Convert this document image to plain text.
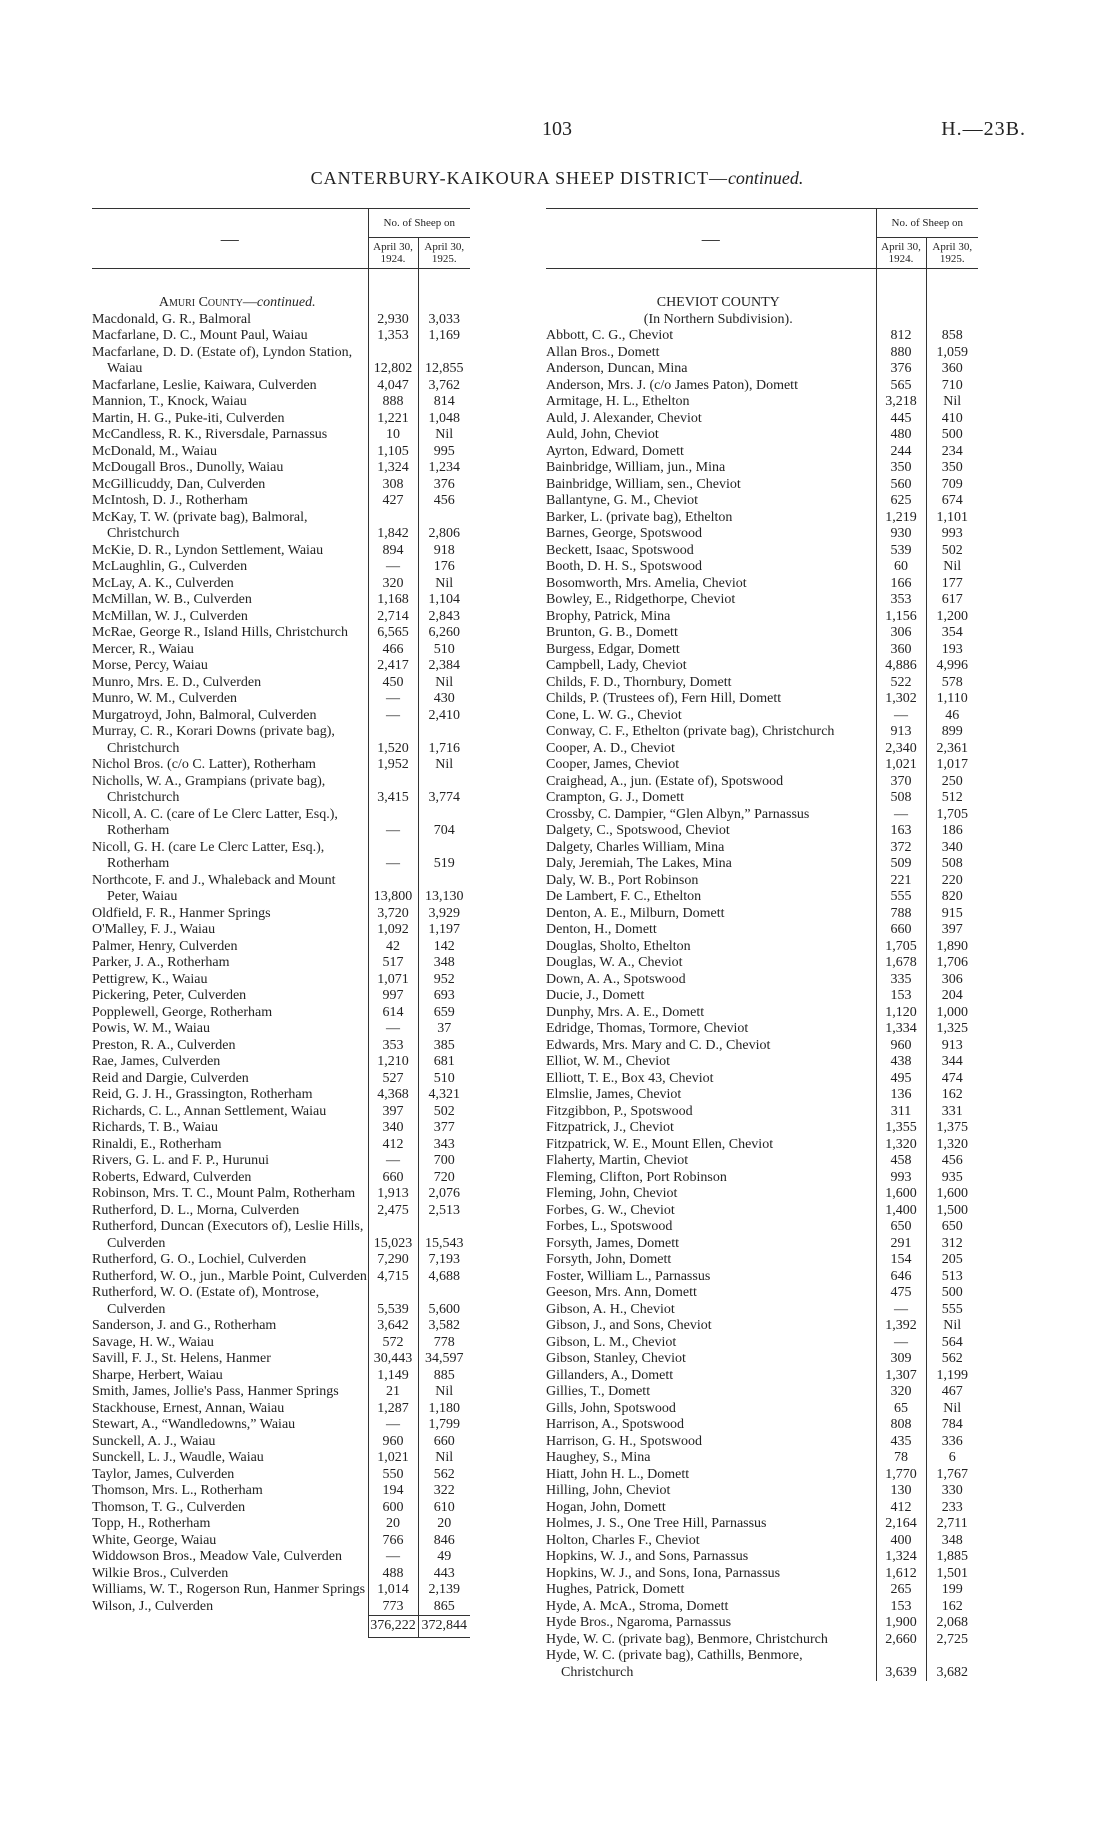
103	H.—23B.
CANTERBURY-KAIKOURA SHEEP DISTRICT—continued.
—	No. of Sheep on	
	April 30, 1924.	April 30, 1925.
Amuri County—continued.		
Macdonald, G. R., Balmoral	2,930	3,033
Macfarlane, D. C., Mount Paul, Waiau	1,353	1,169
Macfarlane, D. D. (Estate of), Lyndon Station, Waiau	12,802	12,855
Macfarlane, Leslie, Kaiwara, Culverden	4,047	3,762
Mannion, T., Knock, Waiau	888	814
Martin, H. G., Puke-iti, Culverden	1,221	1,048
McCandless, R. K., Riversdale, Parnassus	10	Nil
McDonald, M., Waiau	1,105	995
McDougall Bros., Dunolly, Waiau	1,324	1,234
McGillicuddy, Dan, Culverden	308	376
McIntosh, D. J., Rotherham	427	456
McKay, T. W. (private bag), Balmoral, Christchurch	1,842	2,806
McKie, D. R., Lyndon Settlement, Waiau	894	918
McLaughlin, G., Culverden	—	176
McLay, A. K., Culverden	320	Nil
McMillan, W. B., Culverden	1,168	1,104
McMillan, W. J., Culverden	2,714	2,843
McRae, George R., Island Hills, Christchurch	6,565	6,260
Mercer, R., Waiau	466	510
Morse, Percy, Waiau	2,417	2,384
Munro, Mrs. E. D., Culverden	450	Nil
Munro, W. M., Culverden	—	430
Murgatroyd, John, Balmoral, Culverden	—	2,410
Murray, C. R., Korari Downs (private bag), Christchurch	1,520	1,716
Nichol Bros. (c/o C. Latter), Rotherham	1,952	Nil
Nicholls, W. A., Grampians (private bag), Christchurch	3,415	3,774
Nicoll, A. C. (care of Le Clerc Latter, Esq.), Rotherham	—	704
Nicoll, G. H. (care Le Clerc Latter, Esq.), Rotherham	—	519
Northcote, F. and J., Whaleback and Mount Peter, Waiau	13,800	13,130
Oldfield, F. R., Hanmer Springs	3,720	3,929
O'Malley, F. J., Waiau	1,092	1,197
Palmer, Henry, Culverden	42	142
Parker, J. A., Rotherham	517	348
Pettigrew, K., Waiau	1,071	952
Pickering, Peter, Culverden	997	693
Popplewell, George, Rotherham	614	659
Powis, W. M., Waiau	—	37
Preston, R. A., Culverden	353	385
Rae, James, Culverden	1,210	681
Reid and Dargie, Culverden	527	510
Reid, G. J. H., Grassington, Rotherham	4,368	4,321
Richards, C. L., Annan Settlement, Waiau	397	502
Richards, T. B., Waiau	340	377
Rinaldi, E., Rotherham	412	343
Rivers, G. L. and F. P., Hurunui	—	700
Roberts, Edward, Culverden	660	720
Robinson, Mrs. T. C., Mount Palm, Rotherham	1,913	2,076
Rutherford, D. L., Morna, Culverden	2,475	2,513
Rutherford, Duncan (Executors of), Leslie Hills, Culverden	15,023	15,543
Rutherford, G. O., Lochiel, Culverden	7,290	7,193
Rutherford, W. O., jun., Marble Point, Culverden	4,715	4,688
Rutherford, W. O. (Estate of), Montrose, Culverden	5,539	5,600
Sanderson, J. and G., Rotherham	3,642	3,582
Savage, H. W., Waiau	572	778
Savill, F. J., St. Helens, Hanmer	30,443	34,597
Sharpe, Herbert, Waiau	1,149	885
Smith, James, Jollie's Pass, Hanmer Springs	21	Nil
Stackhouse, Ernest, Annan, Waiau	1,287	1,180
Stewart, A., “Wandledowns,” Waiau	—	1,799
Sunckell, A. J., Waiau	960	660
Sunckell, L. J., Waudle, Waiau	1,021	Nil
Taylor, James, Culverden	550	562
Thomson, Mrs. L., Rotherham	194	322
Thomson, T. G., Culverden	600	610
Topp, H., Rotherham	20	20
White, George, Waiau	766	846
Widdowson Bros., Meadow Vale, Culverden	—	49
Wilkie Bros., Culverden	488	443
Williams, W. T., Rogerson Run, Hanmer Springs	1,014	2,139
Wilson, J., Culverden	773	865
	376,222	372,844
—	No. of Sheep on	
	April 30, 1924.	April 30, 1925.
CHEVIOT COUNTY		
(In Northern Subdivision).		
Abbott, C. G., Cheviot	812	858
Allan Bros., Domett	880	1,059
Anderson, Duncan, Mina	376	360
Anderson, Mrs. J. (c/o James Paton), Domett	565	710
Armitage, H. L., Ethelton	3,218	Nil
Auld, J. Alexander, Cheviot	445	410
Auld, John, Cheviot	480	500
Ayrton, Edward, Domett	244	234
Bainbridge, William, jun., Mina	350	350
Bainbridge, William, sen., Cheviot	560	709
Ballantyne, G. M., Cheviot	625	674
Barker, L. (private bag), Ethelton	1,219	1,101
Barnes, George, Spotswood	930	993
Beckett, Isaac, Spotswood	539	502
Booth, D. H. S., Spotswood	60	Nil
Bosomworth, Mrs. Amelia, Cheviot	166	177
Bowley, E., Ridgethorpe, Cheviot	353	617
Brophy, Patrick, Mina	1,156	1,200
Brunton, G. B., Domett	306	354
Burgess, Edgar, Domett	360	193
Campbell, Lady, Cheviot	4,886	4,996
Childs, F. D., Thornbury, Domett	522	578
Childs, P. (Trustees of), Fern Hill, Domett	1,302	1,110
Cone, L. W. G., Cheviot	—	46
Conway, C. F., Ethelton (private bag), Christchurch	913	899
Cooper, A. D., Cheviot	2,340	2,361
Cooper, James, Cheviot	1,021	1,017
Craighead, A., jun. (Estate of), Spotswood	370	250
Crampton, G. J., Domett	508	512
Crossby, C. Dampier, “Glen Albyn,” Parnassus	—	1,705
Dalgety, C., Spotswood, Cheviot	163	186
Dalgety, Charles William, Mina	372	340
Daly, Jeremiah, The Lakes, Mina	509	508
Daly, W. B., Port Robinson	221	220
De Lambert, F. C., Ethelton	555	820
Denton, A. E., Milburn, Domett	788	915
Denton, H., Domett	660	397
Douglas, Sholto, Ethelton	1,705	1,890
Douglas, W. A., Cheviot	1,678	1,706
Down, A. A., Spotswood	335	306
Ducie, J., Domett	153	204
Dunphy, Mrs. A. E., Domett	1,120	1,000
Edridge, Thomas, Tormore, Cheviot	1,334	1,325
Edwards, Mrs. Mary and C. D., Cheviot	960	913
Elliot, W. M., Cheviot	438	344
Elliott, T. E., Box 43, Cheviot	495	474
Elmslie, James, Cheviot	136	162
Fitzgibbon, P., Spotswood	311	331
Fitzpatrick, J., Cheviot	1,355	1,375
Fitzpatrick, W. E., Mount Ellen, Cheviot	1,320	1,320
Flaherty, Martin, Cheviot	458	456
Fleming, Clifton, Port Robinson	993	935
Fleming, John, Cheviot	1,600	1,600
Forbes, G. W., Cheviot	1,400	1,500
Forbes, L., Spotswood	650	650
Forsyth, James, Domett	291	312
Forsyth, John, Domett	154	205
Foster, William L., Parnassus	646	513
Geeson, Mrs. Ann, Domett	475	500
Gibson, A. H., Cheviot	—	555
Gibson, J., and Sons, Cheviot	1,392	Nil
Gibson, L. M., Cheviot	—	564
Gibson, Stanley, Cheviot	309	562
Gillanders, A., Domett	1,307	1,199
Gillies, T., Domett	320	467
Gills, John, Spotswood	65	Nil
Harrison, A., Spotswood	808	784
Harrison, G. H., Spotswood	435	336
Haughey, S., Mina	78	6
Hiatt, John H. L., Domett	1,770	1,767
Hilling, John, Cheviot	130	330
Hogan, John, Domett	412	233
Holmes, J. S., One Tree Hill, Parnassus	2,164	2,711
Holton, Charles F., Cheviot	400	348
Hopkins, W. J., and Sons, Parnassus	1,324	1,885
Hopkins, W. J., and Sons, Iona, Parnassus	1,612	1,501
Hughes, Patrick, Domett	265	199
Hyde, A. McA., Stroma, Domett	153	162
Hyde Bros., Ngaroma, Parnassus	1,900	2,068
Hyde, W. C. (private bag), Benmore, Christchurch	2,660	2,725
Hyde, W. C. (private bag), Cathills, Benmore, Christchurch	3,639	3,682
